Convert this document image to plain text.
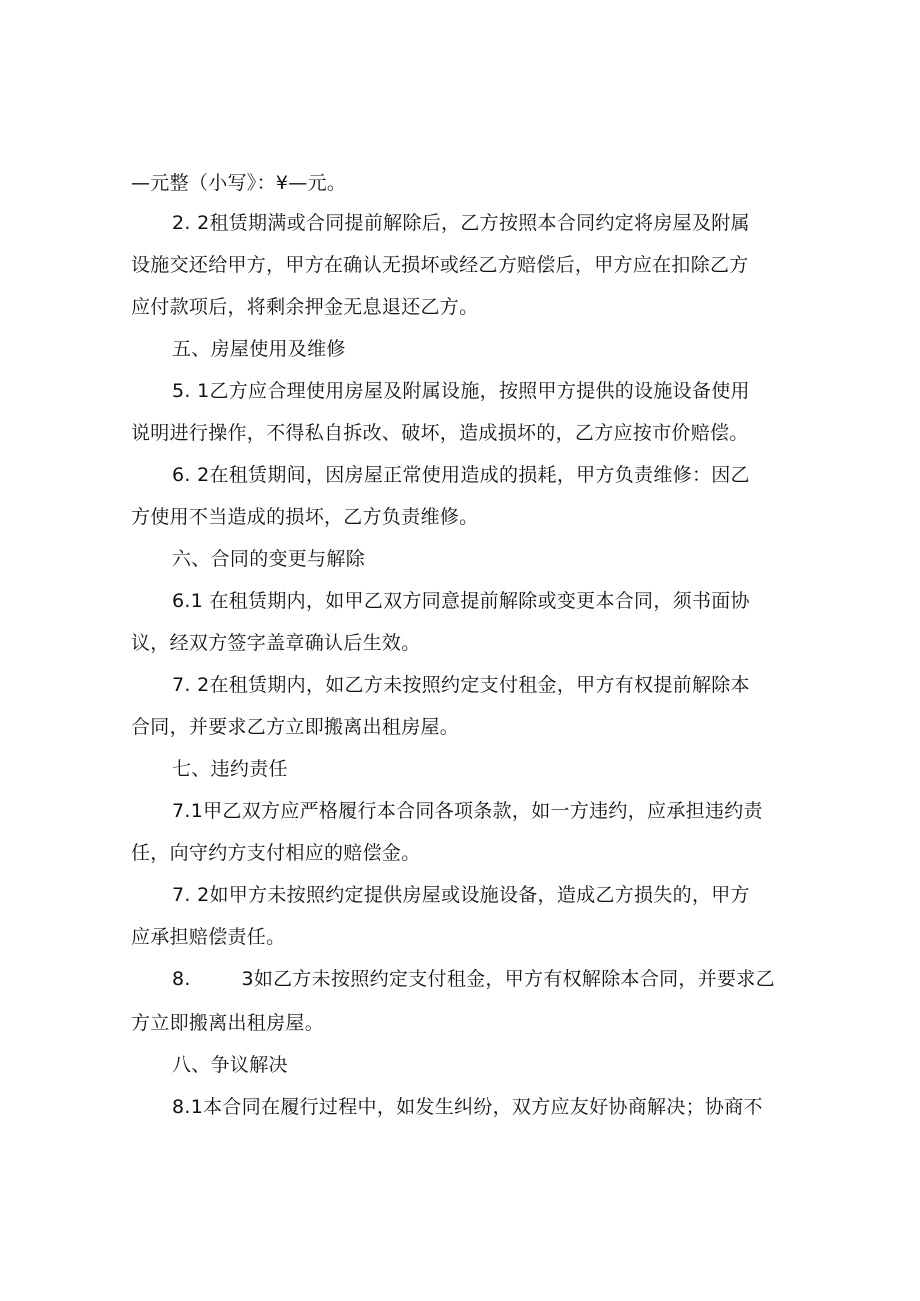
—元整（小写》：¥—元。
2. 2租赁期满或合同提前解除后，乙方按照本合同约定将房屋及附属
设施交还给甲方，甲方在确认无损坏或经乙方赔偿后，甲方应在扣除乙方
应付款项后，将剩余押金无息退还乙方。
五、房屋使用及维修
5. 1乙方应合理使用房屋及附属设施，按照甲方提供的设施设备使用
说明进行操作，不得私自拆改、破坏，造成损坏的，乙方应按市价赔偿。
6. 2在租赁期间，因房屋正常使用造成的损耗，甲方负责维修：因乙
方使用不当造成的损坏，乙方负责维修。
六、合同的变更与解除
6.1 在租赁期内，如甲乙双方同意提前解除或变更本合同，须书面协
议，经双方签字盖章确认后生效。
7. 2在租赁期内，如乙方未按照约定支付租金，甲方有权提前解除本
合同，并要求乙方立即搬离出租房屋。
七、违约责任
7.1甲乙双方应严格履行本合同各项条款，如一方违约，应承担违约责
任，向守约方支付相应的赔偿金。
7. 2如甲方未按照约定提供房屋或设施设备，造成乙方损失的，甲方
应承担赔偿责任。
8.        3如乙方未按照约定支付租金，甲方有权解除本合同，并要求乙
方立即搬离出租房屋。
八、争议解决
8.1本合同在履行过程中，如发生纠纷，双方应友好协商解决；协商不
